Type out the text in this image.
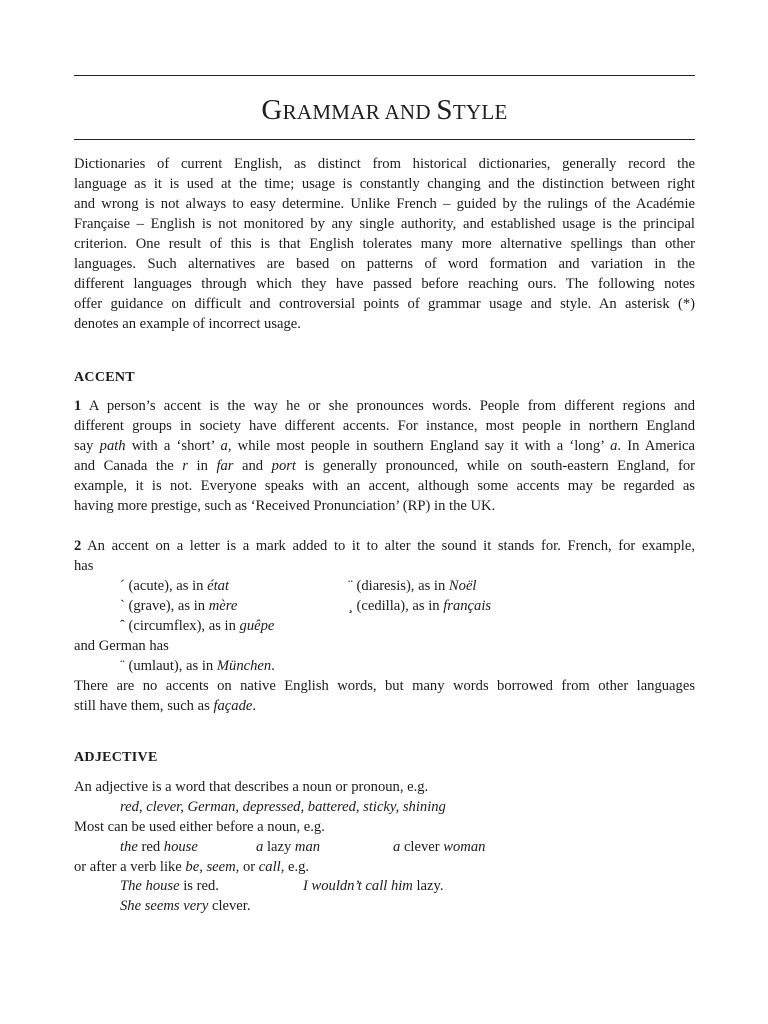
GRAMMAR AND STYLE
Dictionaries of current English, as distinct from historical dictionaries, generally record the
language as it is used at the time; usage is constantly changing and the distinction between right
and wrong is not always to easy determine. Unlike French – guided by the rulings of the Académie
Française – English is not monitored by any single authority, and established usage is the principal
criterion. One result of this is that English tolerates many more alternative spellings than other
languages. Such alternatives are based on patterns of word formation and variation in the
different languages through which they have passed before reaching ours. The following notes
offer guidance on difficult and controversial points of grammar usage and style. An asterisk (*)
denotes an example of incorrect usage.
ACCENT
1 A person’s accent is the way he or she pronounces words. People from different regions and
different groups in society have different accents. For instance, most people in northern England
say path with a ‘short’ a, while most people in southern England say it with a ‘long’ a. In America
and Canada the r in far and port is generally pronounced, while on south-eastern England, for
example, it is not. Everyone speaks with an accent, although some accents may be regarded as
having more prestige, such as ‘Received Pronunciation’ (RP) in the UK.
2 An accent on a letter is a mark added to it to alter the sound it stands for. French, for example,
has
´ (acute), as in état	¨ (diaresis), as in Noël
` (grave), as in mère	¸ (cedilla), as in français
ˆ (circumflex), as in guêpe
and German has
¨ (umlaut), as in München.
There are no accents on native English words, but many words borrowed from other languages
still have them, such as façade.
ADJECTIVE
An adjective is a word that describes a noun or pronoun, e.g.
red, clever, German, depressed, battered, sticky, shining
Most can be used either before a noun, e.g.
the red house	a lazy man	a clever woman
or after a verb like be, seem, or call, e.g.
The house is red.	I wouldn’t call him lazy.
She seems very clever.
